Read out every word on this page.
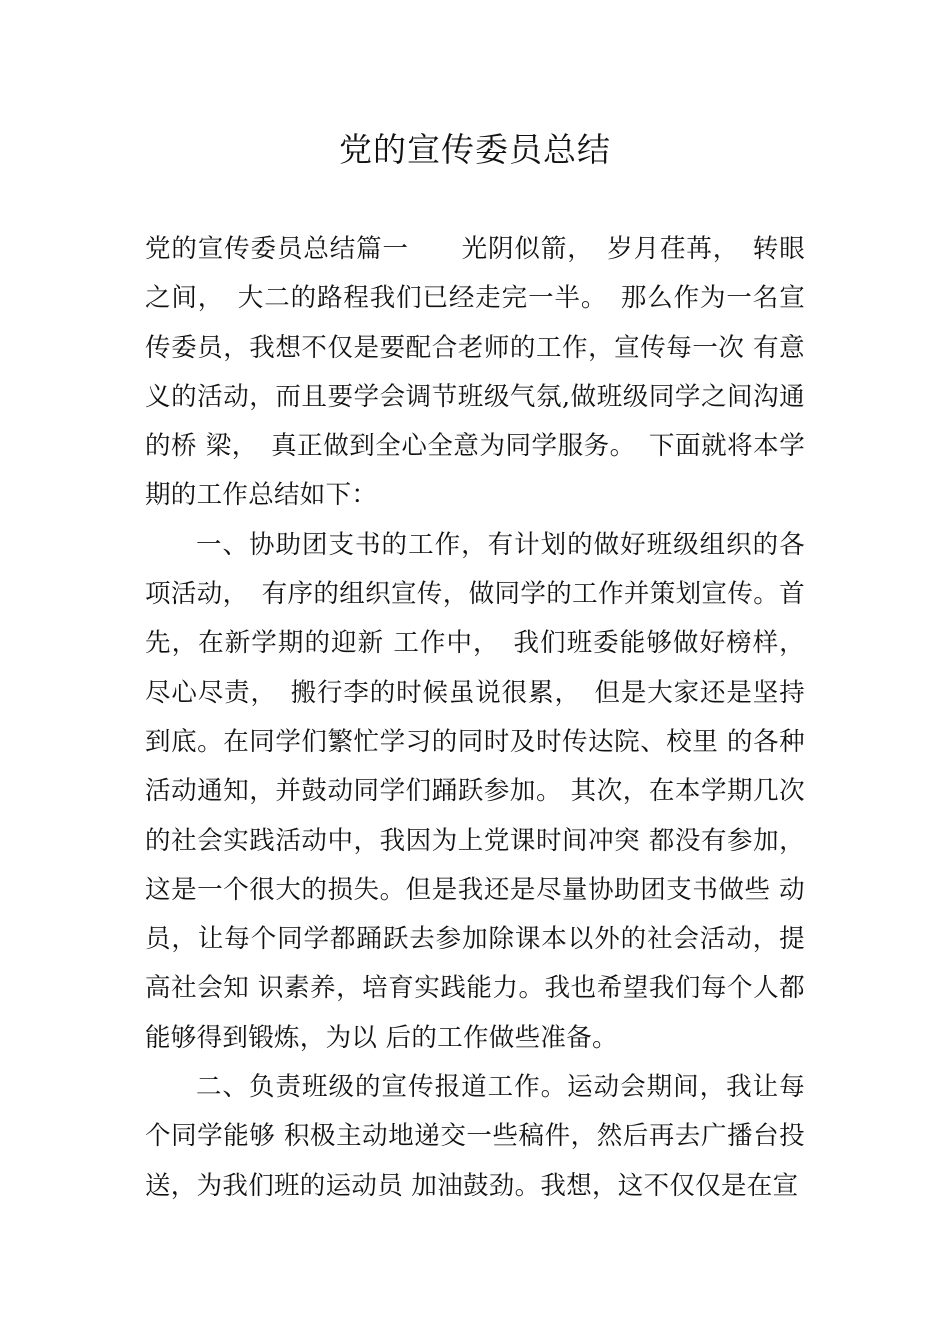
党的宣传委员总结

党的宣传委员总结篇一　　光阴似箭，　岁月荏苒，　转眼之间，　大二的路程我们已经走完一半。　那么作为一名宣传委员，我想不仅是要配合老师的工作，宣传每一次 有意义的活动，而且要学会调节班级气氛,做班级同学之间沟通的桥 梁，　真正做到全心全意为同学服务。　下面就将本学期的工作总结如下：

一、协助团支书的工作，有计划的做好班级组织的各项活动，　有序的组织宣传，做同学的工作并策划宣传。首先，在新学期的迎新 工作中，　我们班委能够做好榜样，尽心尽责，　搬行李的时候虽说很累，　但是大家还是坚持到底。在同学们繁忙学习的同时及时传达院、校里 的各种活动通知，并鼓动同学们踊跃参加。 其次，在本学期几次的社会实践活动中，我因为上党课时间冲突 都没有参加，这是一个很大的损失。但是我还是尽量协助团支书做些 动员，让每个同学都踊跃去参加除课本以外的社会活动，提高社会知 识素养，培育实践能力。我也希望我们每个人都能够得到锻炼，为以 后的工作做些准备。

二、负责班级的宣传报道工作。运动会期间，我让每个同学能够 积极主动地递交一些稿件，然后再去广播台投送，为我们班的运动员 加油鼓劲。我想，这不仅仅是在宣
